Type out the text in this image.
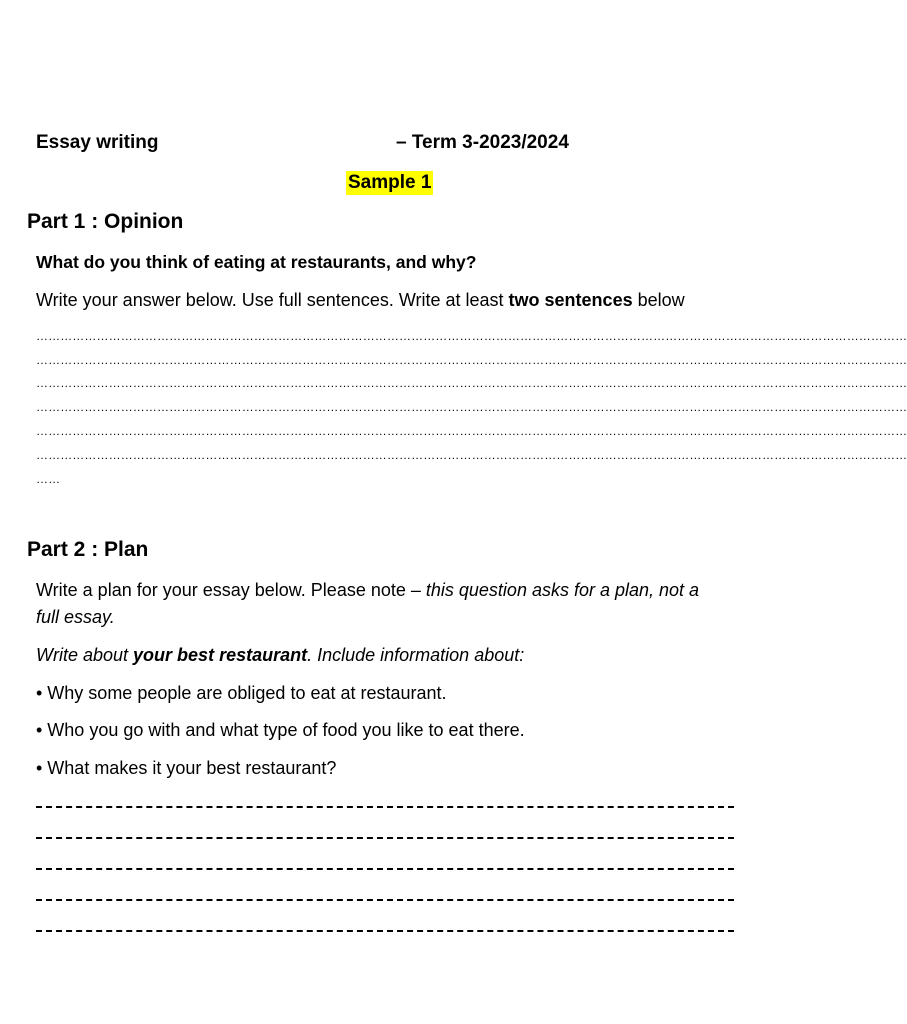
Essay writing	– Term 3-2023/2024
Sample 1
Part 1 : Opinion
What do you think of eating at restaurants, and why?
Write your answer below. Use full sentences. Write at least two sentences below
………………………………………………………………………………………………………………………………………………………………………………………………
………………………………………………………………………………………………………………………………………………………………………………………………
………………………………………………………………………………………………………………………………………………………………………………………………
………………………………………………………………………………………………………………………………………………………………………………………………
………………………………………………………………………………………………………………………………………………………………………………………………
………………………………………………………………………………………………………………………………………………………………………………………………
……
Part 2 : Plan
Write a plan for your essay below. Please note – this question asks for a plan, not a
full essay.
Write about your best restaurant. Include information about:
• Why some people are obliged to eat at restaurant.
• Who you go with and what type of food you like to eat there.
• What makes it your best restaurant?
